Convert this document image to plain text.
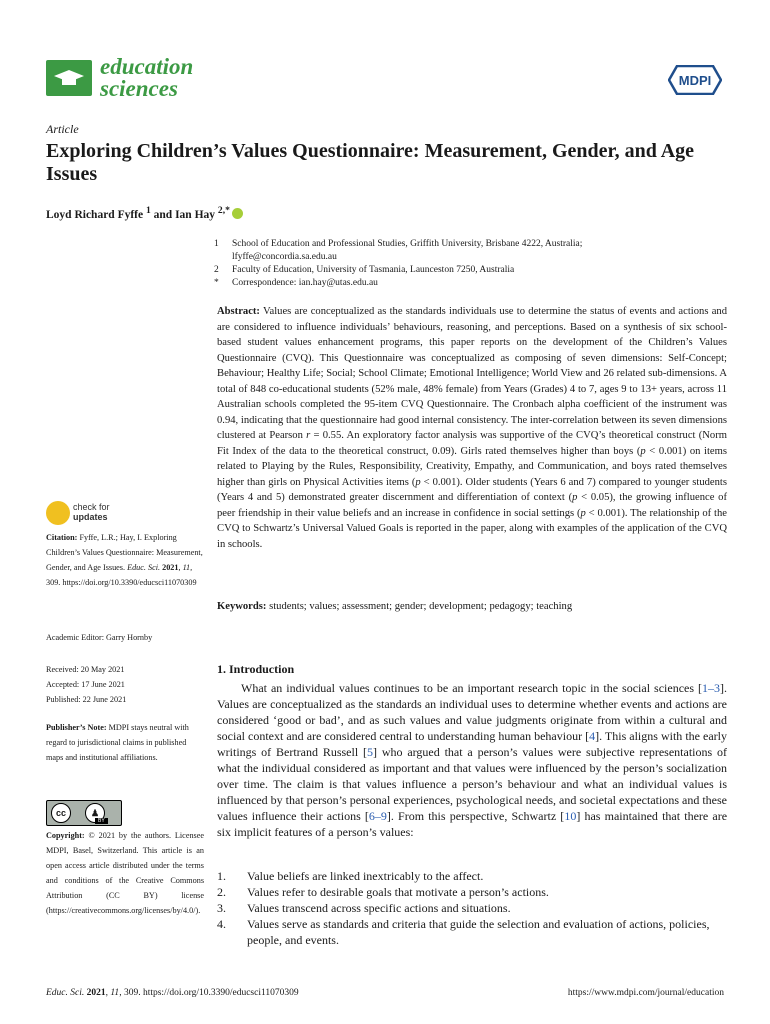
education
sciences	MDPI
Article
Exploring Children’s Values Questionnaire: Measurement, Gender, and Age Issues
Loyd Richard Fyffe $^1$ and Ian Hay $^{2,*}$
1	School of Education and Professional Studies, Griffith University, Brisbane 4222, Australia;
lfyffe@concordia.sa.edu.au
2	Faculty of Education, University of Tasmania, Launceston 7250, Australia
*	Correspondence: ian.hay@utas.edu.au

Abstract: Values are conceptualized as the standards individuals use to determine the status of events and actions and are considered to influence individuals’ behaviours, reasoning, and perceptions. Based on a synthesis of six school-based student values enhancement programs, this paper reports on the development of the Children’s Values Questionnaire (CVQ). This Questionnaire was conceptualized as composing of seven dimensions: Self-Concept; Behaviour; Healthy Life; Social; School Climate; Emotional Intelligence; World View and 26 related sub-dimensions. A total of 848 co-educational students (52% male, 48% female) from Years (Grades) 4 to 7, ages 9 to 13+ years, across 11 Australian schools completed the 95-item CVQ Questionnaire. The Cronbach alpha coefficient of the instrument was 0.94, indicating that the questionnaire had good internal consistency. The inter-correlation between its seven dimensions clustered at Pearson r = 0.55. An exploratory factor analysis was supportive of the CVQ’s theoretical construct (Norm Fit Index of the data to the theoretical construct, 0.09). Girls rated themselves higher than boys (p < 0.001) on items related to Playing by the Rules, Responsibility, Creativity, Empathy, and Communication, and boys rated themselves higher than girls on Physical Activities items (p < 0.001). Older students (Years 6 and 7) compared to younger students (Years 4 and 5) demonstrated greater discernment and differentiation of context (p < 0.05), the growing influence of peer friendship in their value beliefs and an increase in confidence in social settings (p < 0.001). The relationship of the CVQ to Schwartz’s Universal Valued Goals is reported in the paper, along with examples of the application of the CVQ in schools.

Keywords: students; values; assessment; gender; development; pedagogy; teaching
check for
updates
Citation: Fyffe, L.R.; Hay, I. Exploring Children’s Values Questionnaire: Measurement, Gender, and Age Issues. Educ. Sci. 2021, 11, 309. https://doi.org/10.3390/educsci11070309
Academic Editor: Garry Hornby
Received: 20 May 2021
Accepted: 17 June 2021
Published: 22 June 2021
Publisher’s Note: MDPI stays neutral with regard to jurisdictional claims in published maps and institutional affiliations.
cc	♟
BY
Copyright: © 2021 by the authors. Licensee MDPI, Basel, Switzerland. This article is an open access article distributed under the terms and conditions of the Creative Commons Attribution (CC BY) license (https://creativecommons.org/licenses/by/4.0/).
1. Introduction

What an individual values continues to be an important research topic in the social sciences [1–3]. Values are conceptualized as the standards an individual uses to determine whether events and actions are considered ‘good or bad’, and as such values and value judgments originate from within a cultural and social context and are considered central to understanding human behaviour [4]. This aligns with the early writings of Bertrand Russell [5] who argued that a person’s values were subjective representations of what the individual considered as important and that values were influenced by the person’s socialization over time. The claim is that values influence a person’s behaviour and what an individual values is influenced by that person’s personal experiences, psychological needs, and societal expectations and these values influence their actions [6–9]. From this perspective, Schwartz [10] has maintained that there are six implicit features of a person’s values:

1.	Value beliefs are linked inextricably to the affect.
2.	Values refer to desirable goals that motivate a person’s actions.
3.	Values transcend across specific actions and situations.
4.	Values serve as standards and criteria that guide the selection and evaluation of actions, policies, people, and events.
Educ. Sci. 2021, 11, 309. https://doi.org/10.3390/educsci11070309	https://www.mdpi.com/journal/education
